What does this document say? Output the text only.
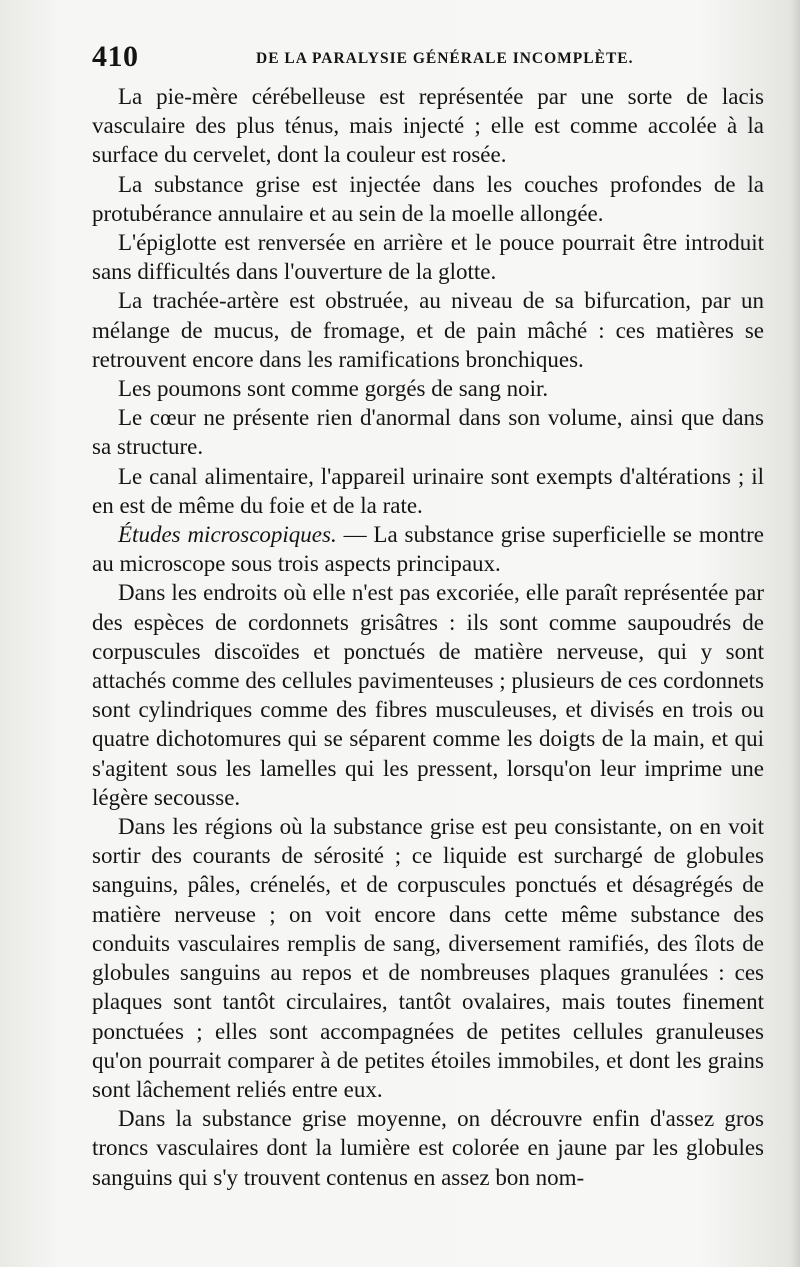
410	DE LA PARALYSIE GÉNÉRALE INCOMPLÈTE.

La pie-mère cérébelleuse est représentée par une sorte de lacis vasculaire des plus ténus, mais injecté ; elle est comme accolée à la surface du cervelet, dont la couleur est rosée.

La substance grise est injectée dans les couches profondes de la protubérance annulaire et au sein de la moelle allongée.

L'épiglotte est renversée en arrière et le pouce pourrait être introduit sans difficultés dans l'ouverture de la glotte.

La trachée-artère est obstruée, au niveau de sa bifurcation, par un mélange de mucus, de fromage, et de pain mâché : ces matières se retrouvent encore dans les ramifications bronchiques.

Les poumons sont comme gorgés de sang noir.

Le cœur ne présente rien d'anormal dans son volume, ainsi que dans sa structure.

Le canal alimentaire, l'appareil urinaire sont exempts d'altérations ; il en est de même du foie et de la rate.

Études microscopiques. — La substance grise superficielle se montre au microscope sous trois aspects principaux.

Dans les endroits où elle n'est pas excoriée, elle paraît représentée par des espèces de cordonnets grisâtres : ils sont comme saupoudrés de corpuscules discoïdes et ponctués de matière nerveuse, qui y sont attachés comme des cellules pavimenteuses ; plusieurs de ces cordonnets sont cylindriques comme des fibres musculeuses, et divisés en trois ou quatre dichotomures qui se séparent comme les doigts de la main, et qui s'agitent sous les lamelles qui les pressent, lorsqu'on leur imprime une légère secousse.

Dans les régions où la substance grise est peu consistante, on en voit sortir des courants de sérosité ; ce liquide est surchargé de globules sanguins, pâles, crénelés, et de corpuscules ponctués et désagrégés de matière nerveuse ; on voit encore dans cette même substance des conduits vasculaires remplis de sang, diversement ramifiés, des îlots de globules sanguins au repos et de nombreuses plaques granulées : ces plaques sont tantôt circulaires, tantôt ovalaires, mais toutes finement ponctuées ; elles sont accompagnées de petites cellules granuleuses qu'on pourrait comparer à de petites étoiles immobiles, et dont les grains sont lâchement reliés entre eux.

Dans la substance grise moyenne, on décrouvre enfin d'assez gros troncs vasculaires dont la lumière est colorée en jaune par les globules sanguins qui s'y trouvent contenus en assez bon nom-
